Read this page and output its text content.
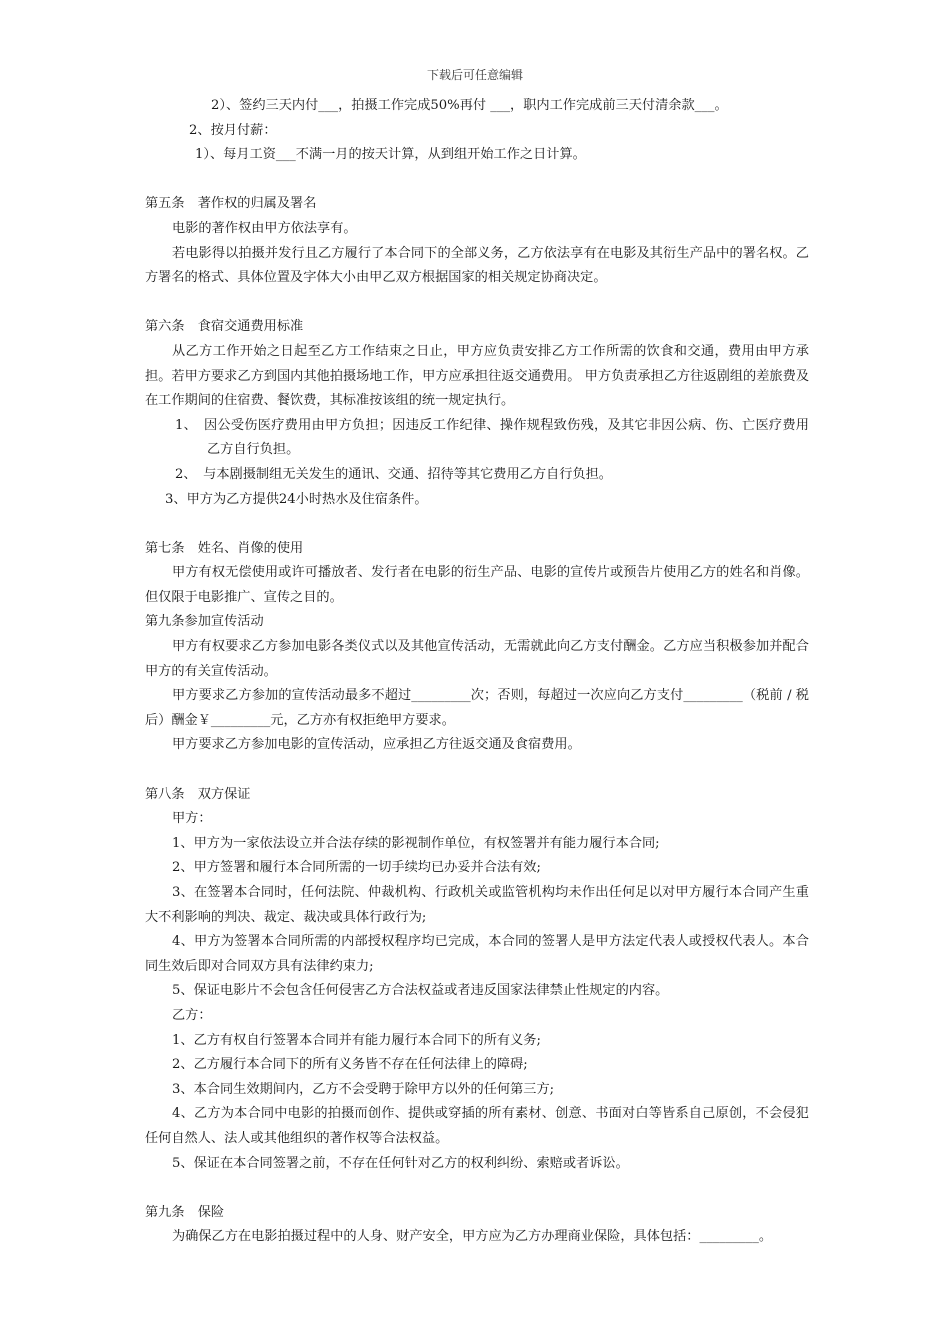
下载后可任意编辑

2）、签约三天内付___，拍摄工作完成50%再付 ___，职内工作完成前三天付清余款___。

2、按月付薪：

1）、每月工资___不满一月的按天计算，从到组开始工作之日计算。

第五条　著作权的归属及署名

电影的著作权由甲方依法享有。

若电影得以拍摄并发行且乙方履行了本合同下的全部义务，乙方依法享有在电影及其衍生产品中的署名权。乙方署名的格式、具体位置及字体大小由甲乙双方根据国家的相关规定协商决定。

第六条　食宿交通费用标准

从乙方工作开始之日起至乙方工作结束之日止，甲方应负责安排乙方工作所需的饮食和交通，费用由甲方承担。若甲方要求乙方到国内其他拍摄场地工作，甲方应承担往返交通费用。 甲方负责承担乙方往返剧组的差旅费及在工作期间的住宿费、餐饮费，其标准按该组的统一规定执行。

1、　因公受伤医疗费用由甲方负担；因违反工作纪律、操作规程致伤残，及其它非因公病、伤、亡医疗费用乙方自行负担。

2、　与本剧摄制组无关发生的通讯、交通、招待等其它费用乙方自行负担。

3、甲方为乙方提供24小时热水及住宿条件。

第七条　姓名、肖像的使用

甲方有权无偿使用或许可播放者、发行者在电影的衍生产品、电影的宣传片或预告片使用乙方的姓名和肖像。但仅限于电影推广、宣传之目的。

第九条参加宣传活动

甲方有权要求乙方参加电影各类仪式以及其他宣传活动，无需就此向乙方支付酬金。乙方应当积极参加并配合甲方的有关宣传活动。

甲方要求乙方参加的宣传活动最多不超过_________次；否则，每超过一次应向乙方支付_________（税前 / 税后）酬金￥_________元，乙方亦有权拒绝甲方要求。

甲方要求乙方参加电影的宣传活动，应承担乙方往返交通及食宿费用。

第八条　双方保证

甲方：

1、甲方为一家依法设立并合法存续的影视制作单位，有权签署并有能力履行本合同;

2、甲方签署和履行本合同所需的一切手续均已办妥并合法有效;

3、在签署本合同时，任何法院、仲裁机构、行政机关或监管机构均未作出任何足以对甲方履行本合同产生重大不利影响的判决、裁定、裁决或具体行政行为;

4、甲方为签署本合同所需的内部授权程序均已完成，本合同的签署人是甲方法定代表人或授权代表人。本合同生效后即对合同双方具有法律约束力;

5、保证电影片不会包含任何侵害乙方合法权益或者违反国家法律禁止性规定的内容。

乙方：

1、乙方有权自行签署本合同并有能力履行本合同下的所有义务;

2、乙方履行本合同下的所有义务皆不存在任何法律上的障碍;

3、本合同生效期间内，乙方不会受聘于除甲方以外的任何第三方;

4、乙方为本合同中电影的拍摄而创作、提供或穿插的所有素材、创意、书面对白等皆系自己原创，不会侵犯任何自然人、法人或其他组织的著作权等合法权益。

5、保证在本合同签署之前，不存在任何针对乙方的权利纠纷、索赔或者诉讼。

第九条　保险

为确保乙方在电影拍摄过程中的人身、财产安全，甲方应为乙方办理商业保险，具体包括：_________。
